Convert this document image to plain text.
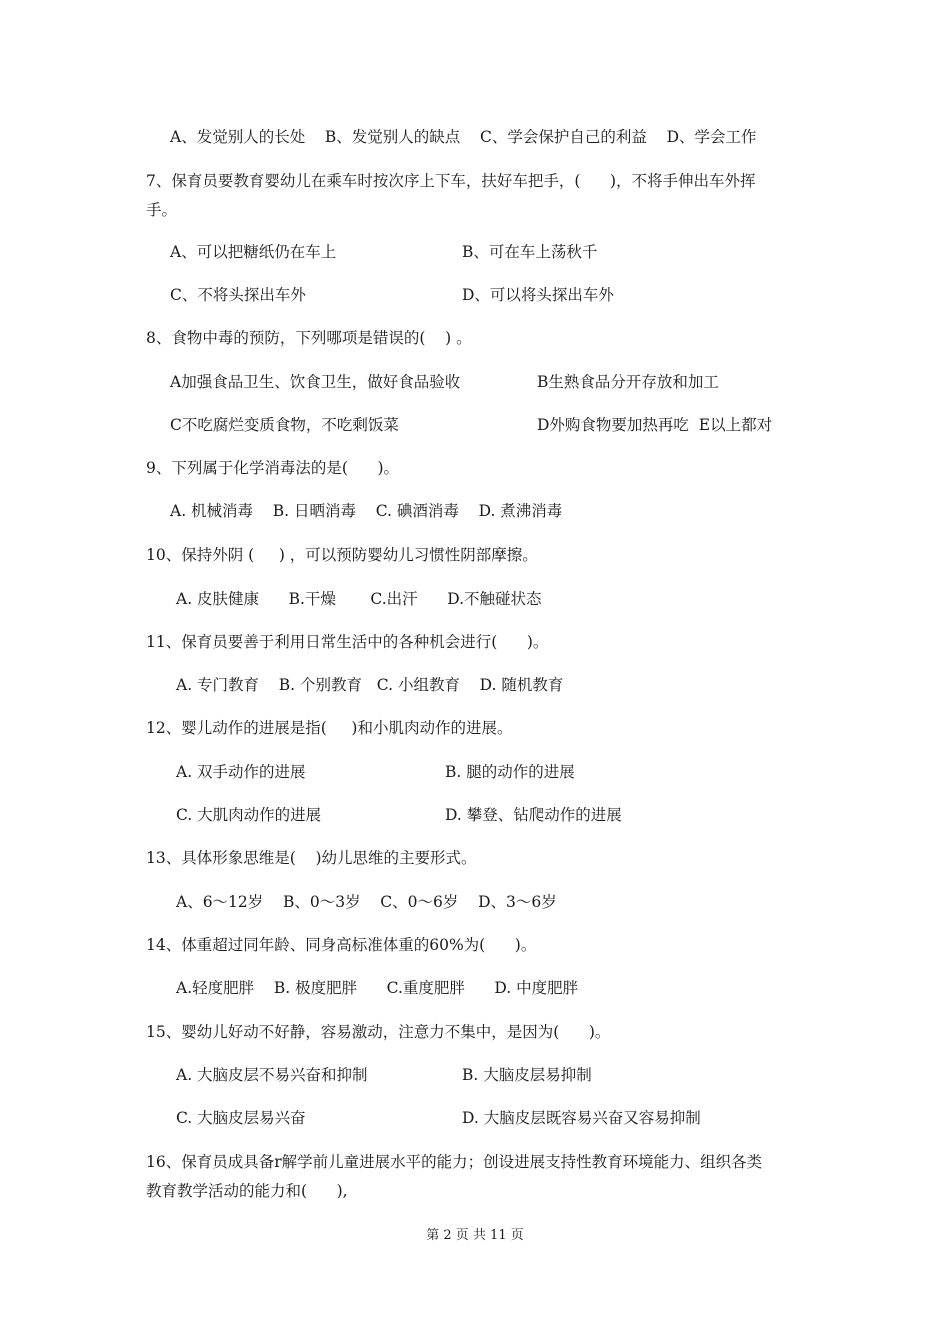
A、发觉别人的长处    B、发觉别人的缺点    C、学会保护自己的利益    D、学会工作
7、保育员要教育婴幼儿在乘车时按次序上下车，扶好车把手，(      )，不将手伸出车外挥
手。
A、可以把糖纸仍在车上	B、可在车上荡秋千
C、不将头探出车外	D、可以将头探出车外
8、食物中毒的预防，下列哪项是错误的(    ) 。
A加强食品卫生、饮食卫生，做好食品验收	B生熟食品分开存放和加工
C不吃腐烂变质食物，不吃剩饭菜	D外购食物要加热再吃  E以上都对
9、下列属于化学消毒法的是(      )。
A. 机械消毒    B. 日晒消毒    C. 碘酒消毒    D. 煮沸消毒
10、保持外阴 (     ) ，可以预防婴幼儿习惯性阴部摩擦。
A. 皮肤健康      B.干燥       C.出汗      D.不触碰状态
11、保育员要善于利用日常生活中的各种机会进行(      )。
A. 专门教育    B. 个别教育   C. 小组教育    D. 随机教育
12、婴儿动作的进展是指(     )和小肌肉动作的进展。
A. 双手动作的进展	B. 腿的动作的进展
C. 大肌肉动作的进展	D. 攀登、钻爬动作的进展
13、具体形象思维是(    )幼儿思维的主要形式。
A、6～12岁    B、0～3岁    C、0～6岁    D、3～6岁
14、体重超过同年龄、同身高标准体重的60%为(      )。
A.轻度肥胖    B. 极度肥胖      C.重度肥胖      D. 中度肥胖
15、婴幼儿好动不好静，容易激动，注意力不集中，是因为(      )。
A. 大脑皮层不易兴奋和抑制	B. 大脑皮层易抑制
C. 大脑皮层易兴奋	D. 大脑皮层既容易兴奋又容易抑制
16、保育员成具备r解学前儿童进展水平的能力；创设进展支持性教育环境能力、组织各类
教育教学活动的能力和(      ),
第 2 页 共 11 页
